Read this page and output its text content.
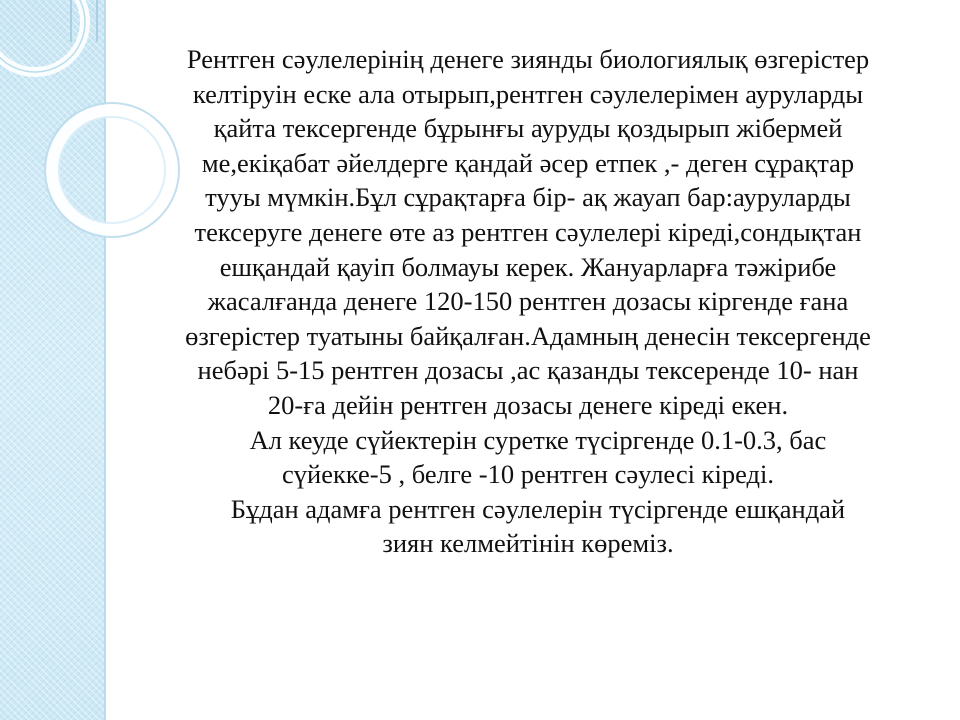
Рентген сәулелерінің денеге зиянды биологиялық өзгерістер
келтіруін еске ала отырып,рентген сәулелерімен ауруларды
қайта тексергенде бұрынғы ауруды қоздырып жібермей
ме,екіқабат әйелдерге қандай әсер етпек ,- деген сұрақтар
тууы мүмкін.Бұл сұрақтарға бір- ақ жауап бар:ауруларды
тексеруге денеге өте аз рентген сәулелері кіреді,сондықтан
ешқандай қауіп болмауы керек. Жануарларға тәжірибе
жасалғанда денеге 120-150 рентген дозасы кіргенде ғана
өзгерістер туатыны байқалған.Адамның денесін тексергенде
небәрі 5-15 рентген дозасы ,ас қазанды тексеренде 10- нан
20-ға дейін рентген дозасы денеге кіреді екен.
Ал кеуде сүйектерін суретке түсіргенде 0.1-0.3, бас
сүйекке-5 , белге -10 рентген сәулесі кіреді.
Бұдан адамға рентген сәулелерін түсіргенде ешқандай
зиян келмейтінін көреміз.
